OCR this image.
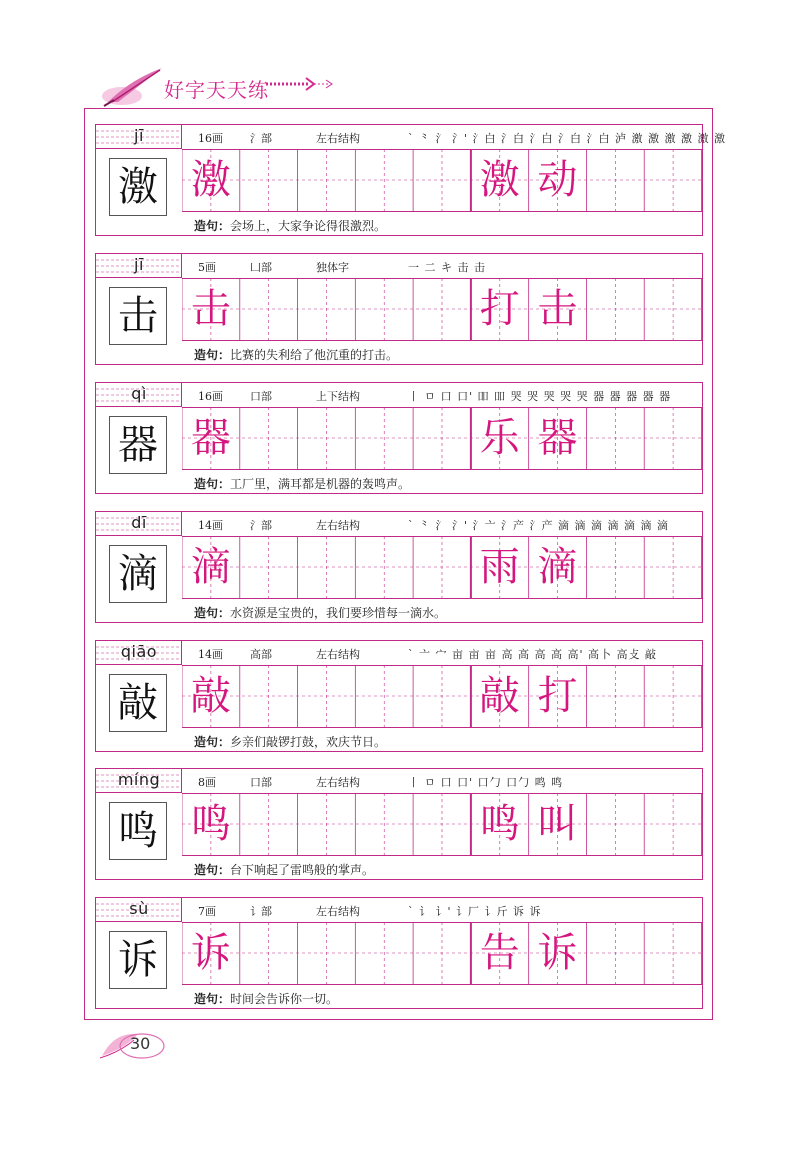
好字天天练
jī	16画 氵部	左右结构	` ⺀ 氵 氵' 氵白 氵白 氵白 氵白 氵白 泸 激 激 激 激 激 激
激 激	激 动
造句： 会场上，大家争论得很激烈。
jī	5画	凵部	独体字	一 二 キ 击 击
击 击	打 击
造句： 比赛的失利给了他沉重的打击。
qì	16画 口部	上下结构	丨 ㅁ 口 口' 吅 吅 哭 哭 哭 哭 哭 器 器 器 器 器
器 器	乐 器
造句： 工厂里，满耳都是机器的轰鸣声。
dī	14画 氵部	左右结构	` ⺀ 氵 氵' 氵亠 氵产 氵产 滴 滴 滴 滴 滴 滴 滴
滴 滴	雨 滴
造句： 水资源是宝贵的，我们要珍惜每一滴水。
qiāo	14画 高部	左右结构	` 亠 宀 亩 亩 亩 高 高 高 高 高' 高卜 高攴 敲
敲 敲	敲 打
造句： 乡亲们敲锣打鼓，欢庆节日。
míng	8画	口部	左右结构	丨 ㅁ 口 口' 口勹 口勹 鸣 鸣
鸣 鸣	鸣 叫
造句： 台下响起了雷鸣般的掌声。
sù	7画	讠部	左右结构	` 讠 讠' 讠厂 讠斤 诉 诉
诉 诉	告 诉
造句： 时间会告诉你一切。
30
